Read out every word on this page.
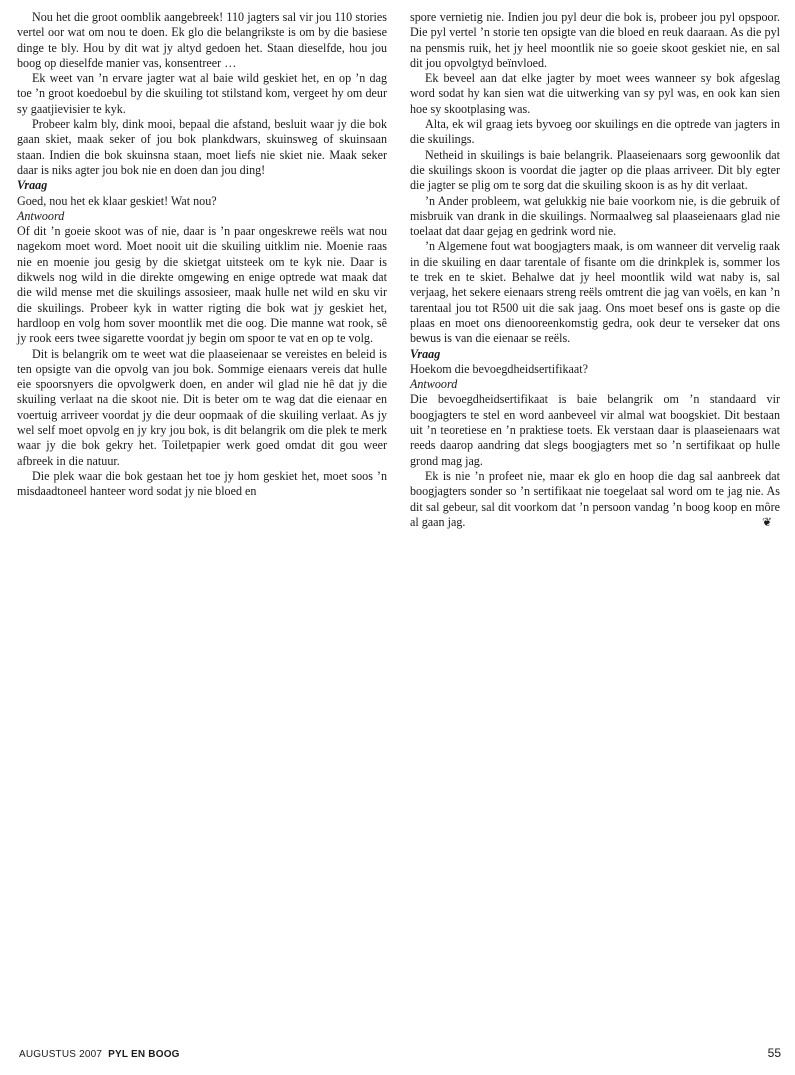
Nou het die groot oomblik aangebreek! 110 jagters sal vir jou 110 stories vertel oor wat om nou te doen. Ek glo die belangrikste is om by die basiese dinge te bly. Hou by dit wat jy altyd gedoen het. Staan dieselfde, hou jou boog op dieselfde manier vas, konsentreer …

Ek weet van ’n ervare jagter wat al baie wild geskiet het, en op ’n dag toe ’n groot koedoebul by die skuiling tot stilstand kom, vergeet hy om deur sy gaatjievisier te kyk.

Probeer kalm bly, dink mooi, bepaal die afstand, besluit waar jy die bok gaan skiet, maak seker of jou bok plankdwars, skuinsweg of skuinsaan staan. Indien die bok skuinsna staan, moet liefs nie skiet nie. Maak seker daar is niks agter jou bok nie en doen dan jou ding!

Vraag

Goed, nou het ek klaar geskiet! Wat nou?

Antwoord

Of dit ’n goeie skoot was of nie, daar is ’n paar ongeskrewe reëls wat nou nagekom moet word. Moet nooit uit die skuiling uitklim nie. Moenie raas nie en moenie jou gesig by die skietgat uitsteek om te kyk nie. Daar is dikwels nog wild in die direkte omgewing en enige optrede wat maak dat die wild mense met die skuilings assosieer, maak hulle net wild en sku vir die skuilings. Probeer kyk in watter rigting die bok wat jy geskiet het, hardloop en volg hom sover moontlik met die oog. Die manne wat rook, sê jy rook eers twee sigarette voordat jy begin om spoor te vat en op te volg.

Dit is belangrik om te weet wat die plaaseienaar se vereistes en beleid is ten opsigte van die opvolg van jou bok. Sommige eienaars vereis dat hulle eie spoorsnyers die opvolgwerk doen, en ander wil glad nie hê dat jy die skuiling verlaat na die skoot nie. Dit is beter om te wag dat die eienaar en voertuig arriveer voordat jy die deur oopmaak of die skuiling verlaat. As jy wel self moet opvolg en jy kry jou bok, is dit belangrik om die plek te merk waar jy die bok gekry het. Toiletpapier werk goed omdat dit gou weer afbreek in die natuur.

Die plek waar die bok gestaan het toe jy hom geskiet het, moet soos ’n misdaadtoneel hanteer word sodat jy nie bloed en

spore vernietig nie. Indien jou pyl deur die bok is, probeer jou pyl opspoor. Die pyl vertel ’n storie ten opsigte van die bloed en reuk daaraan. As die pyl na pensmis ruik, het jy heel moontlik nie so goeie skoot geskiet nie, en sal dit jou opvolgtyd beïnvloed.

Ek beveel aan dat elke jagter by moet wees wanneer sy bok afgeslag word sodat hy kan sien wat die uitwerking van sy pyl was, en ook kan sien hoe sy skootplasing was.

Alta, ek wil graag iets byvoeg oor skuilings en die optrede van jagters in die skuilings.

Netheid in skuilings is baie belangrik. Plaaseienaars sorg gewoonlik dat die skuilings skoon is voordat die jagter op die plaas arriveer. Dit bly egter die jagter se plig om te sorg dat die skuiling skoon is as hy dit verlaat.

’n Ander probleem, wat gelukkig nie baie voorkom nie, is die gebruik of misbruik van drank in die skuilings. Normaalweg sal plaaseienaars glad nie toelaat dat daar gejag en gedrink word nie.

’n Algemene fout wat boogjagters maak, is om wanneer dit vervelig raak in die skuiling en daar tarentale of fisante om die drinkplek is, sommer los te trek en te skiet. Behalwe dat jy heel moontlik wild wat naby is, sal verjaag, het sekere eienaars streng reëls omtrent die jag van voëls, en kan ’n tarentaal jou tot R500 uit die sak jaag. Ons moet besef ons is gaste op die plaas en moet ons dienooreenkomstig gedra, ook deur te verseker dat ons bewus is van die eienaar se reëls.

Vraag

Hoekom die bevoegdheidsertifikaat?

Antwoord

Die bevoegdheidsertifikaat is baie belangrik om ’n standaard vir boogjagters te stel en word aanbeveel vir almal wat boogskiet. Dit bestaan uit ’n teoretiese en ’n praktiese toets. Ek verstaan daar is plaaseienaars wat reeds daarop aandring dat slegs boogjagters met so ’n sertifikaat op hulle grond mag jag.

Ek is nie ’n profeet nie, maar ek glo en hoop die dag sal aanbreek dat boogjagters sonder so ’n sertifikaat nie toegelaat sal word om te jag nie. As dit sal gebeur, sal dit voorkom dat ’n persoon vandag ’n boog koop en môre al gaan jag.	❦

AUGUSTUS 2007 PYL EN BOOG	55
